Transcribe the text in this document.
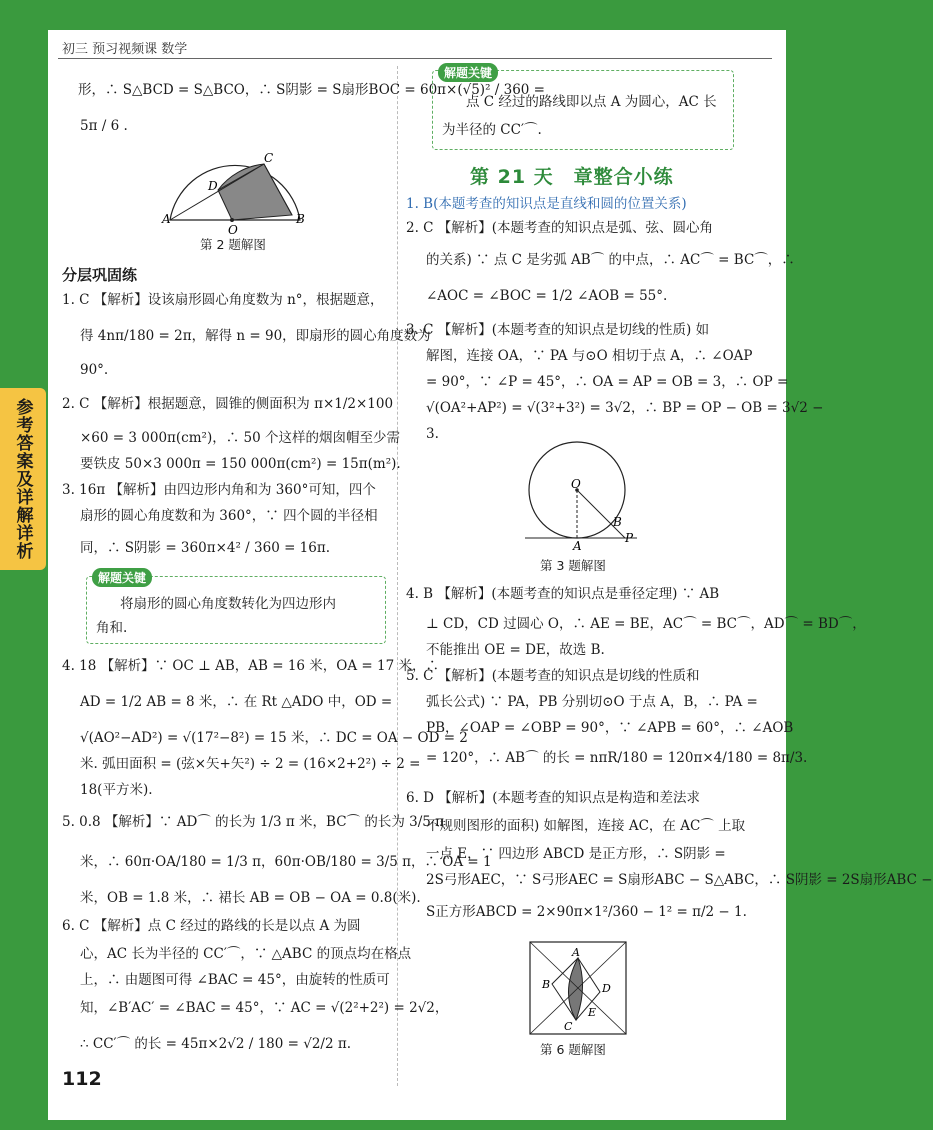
初三 预习视频课 数学
参考答案及详解详析
112
形，∴ S△BCD = S△BCO，∴ S阴影 = S扇形BOC = 60π×(√5)² / 360 =
5π / 6 .
A	B
C
D
O
第 2 题解图
分层巩固练
1. C 【解析】设该扇形圆心角度数为 n°，根据题意，
得 4nπ/180 = 2π，解得 n = 90，即扇形的圆心角度数为
90°.
2. C 【解析】根据题意，圆锥的侧面积为 π×1/2×100
×60 = 3 000π(cm²)，∴ 50 个这样的烟囱帽至少需
要铁皮 50×3 000π = 150 000π(cm²) = 15π(m²).
3. 16π 【解析】由四边形内角和为 360°可知，四个
扇形的圆心角度数和为 360°，∵ 四个圆的半径相
同，∴ S阴影 = 360π×4² / 360 = 16π.
解题关键
将扇形的圆心角度数转化为四边形内
角和.
4. 18 【解析】∵ OC ⊥ AB，AB = 16 米，OA = 17 米，∴
AD = 1/2 AB = 8 米，∴ 在 Rt △ADO 中，OD =
√(AO²−AD²) = √(17²−8²) = 15 米，∴ DC = OA − OD = 2
米. 弧田面积 = (弦×矢+矢²) ÷ 2 = (16×2+2²) ÷ 2 =
18(平方米).
5. 0.8 【解析】∵ AD⌒ 的长为 1/3 π 米，BC⌒ 的长为 3/5 π
米，∴ 60π·OA/180 = 1/3 π，60π·OB/180 = 3/5 π，∴ OA = 1
米，OB = 1.8 米，∴ 裙长 AB = OB − OA = 0.8(米).
6. C 【解析】点 C 经过的路线的长是以点 A 为圆
心，AC 长为半径的 CC′⌒，∵ △ABC 的顶点均在格点
上，∴ 由题图可得 ∠BAC = 45°，由旋转的性质可
知，∠B′AC′ = ∠BAC = 45°，∵ AC = √(2²+2²) = 2√2，
∴ CC′⌒ 的长 = 45π×2√2 / 180 = √2/2 π.
解题关键
点 C 经过的路线即以点 A 为圆心，AC 长
为半径的 CC′⌒.
第 21 天　章整合小练
1. B(本题考查的知识点是直线和圆的位置关系)
2. C 【解析】(本题考查的知识点是弧、弦、圆心角
的关系) ∵ 点 C 是劣弧 AB⌒ 的中点，∴ AC⌒ = BC⌒，∴
∠AOC = ∠BOC = 1/2 ∠AOB = 55°.
3. C 【解析】(本题考查的知识点是切线的性质) 如
解图，连接 OA，∵ PA 与⊙O 相切于点 A，∴ ∠OAP
= 90°，∵ ∠P = 45°，∴ OA = AP = OB = 3，∴ OP =
√(OA²+AP²) = √(3²+3²) = 3√2，∴ BP = OP − OB = 3√2 −
3.
O
A
B
P
第 3 题解图
4. B 【解析】(本题考查的知识点是垂径定理) ∵ AB
⊥ CD，CD 过圆心 O，∴ AE = BE，AC⌒ = BC⌒，AD⌒ = BD⌒，
不能推出 OE = DE，故选 B.
5. C 【解析】(本题考查的知识点是切线的性质和
弧长公式) ∵ PA，PB 分别切⊙O 于点 A，B，∴ PA =
PB，∠OAP = ∠OBP = 90°，∵ ∠APB = 60°，∴ ∠AOB
= 120°，∴ AB⌒ 的长 = nπR/180 = 120π×4/180 = 8π/3.
6. D 【解析】(本题考查的知识点是构造和差法求
不规则图形的面积) 如解图，连接 AC，在 AC⌒ 上取
一点 E，∵ 四边形 ABCD 是正方形，∴ S阴影 =
2S弓形AEC，∵ S弓形AEC = S扇形ABC − S△ABC，∴ S阴影 = 2S扇形ABC −
S正方形ABCD = 2×90π×1²/360 − 1² = π/2 − 1.
A
B
C
D
E
第 6 题解图
